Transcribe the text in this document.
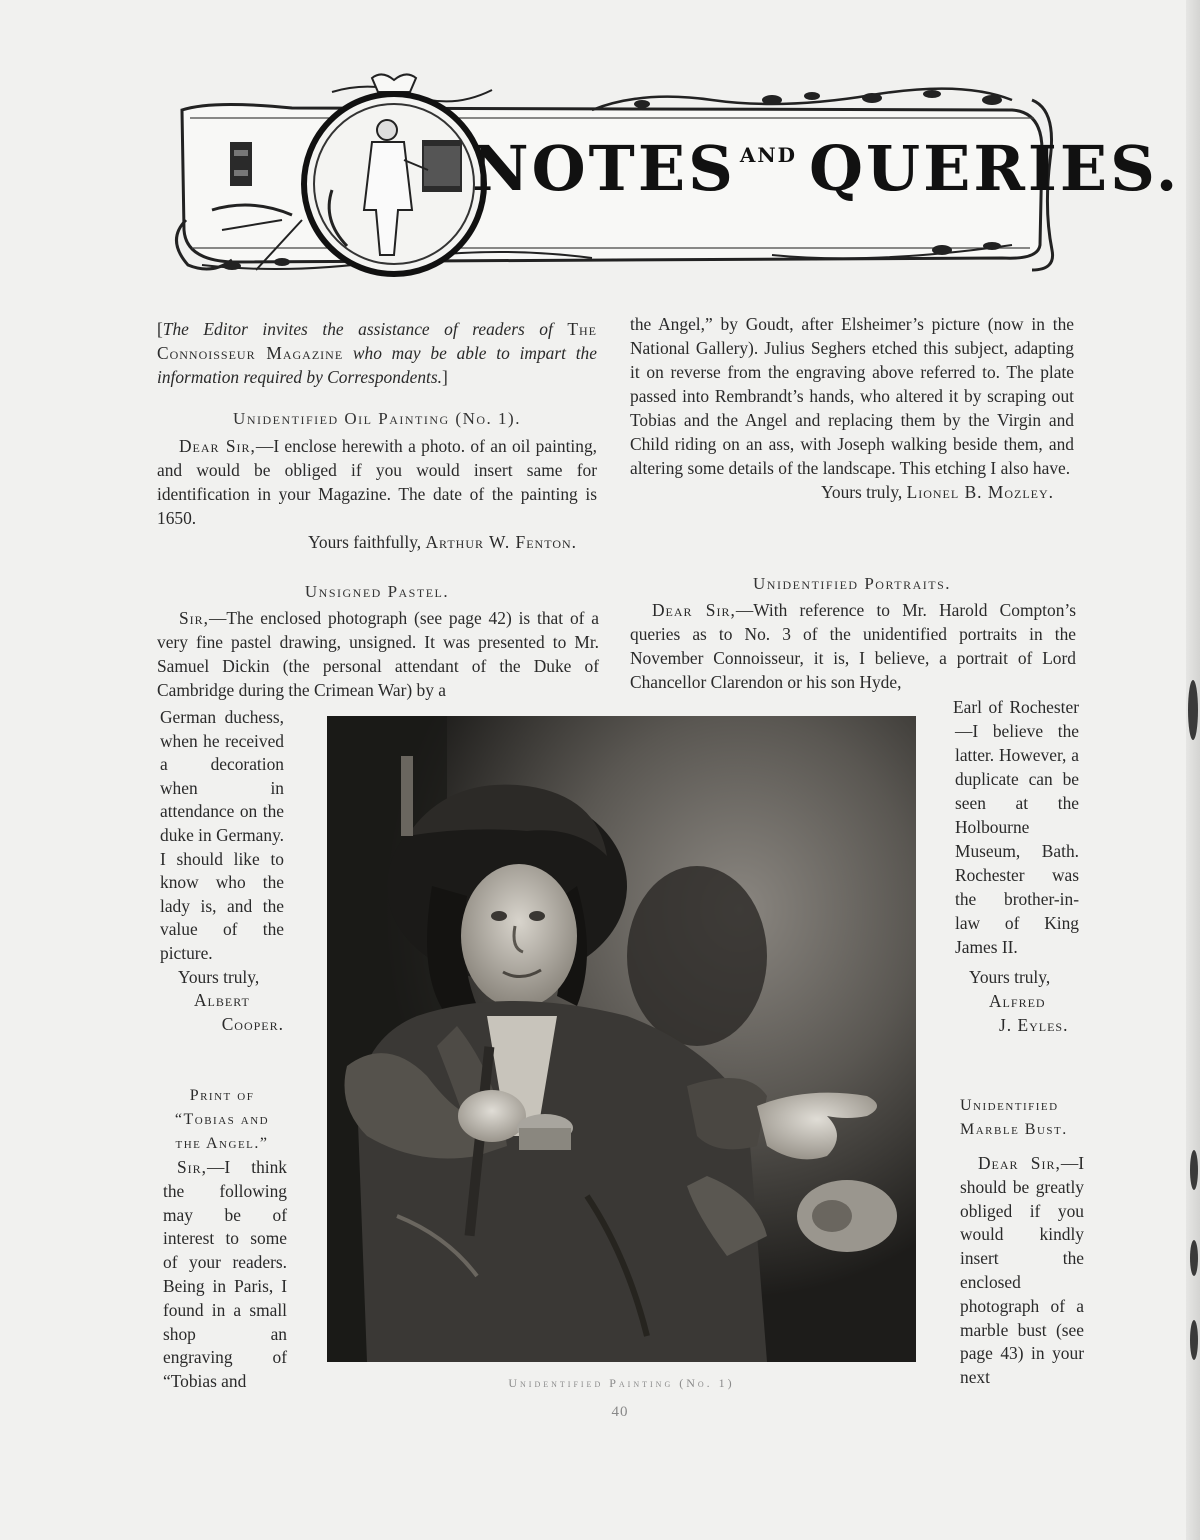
NOTES $^{AND}$ QUERIES.

[The Editor invites the assistance of readers of The Connoisseur Magazine who may be able to impart the information required by Correspondents.]

Unidentified Oil Painting (No. 1).

Dear Sir,—I enclose herewith a photo. of an oil painting, and would be obliged if you would insert same for identification in your Magazine. The date of the painting is 1650.

Yours faithfully, Arthur W. Fenton.

Unsigned Pastel.

Sir,—The enclosed photograph (see page 42) is that of a very fine pastel drawing, unsigned. It was presented to Mr. Samuel Dickin (the personal attendant of the Duke of Cambridge during the Crimean War) by a

German duchess, when he received a decoration when in attendance on the duke in Germany. I should like to know who the lady is, and the value of the picture.

Yours truly,

Albert

Cooper.

Print of

“Tobias and

the Angel.”

Sir,—I think the following may be of interest to some of your readers. Being in Paris, I found in a small shop an engraving of “Tobias and

the Angel,” by Goudt, after Elsheimer’s picture (now in the National Gallery). Julius Seghers etched this subject, adapting it on reverse from the engraving above referred to. The plate passed into Rembrandt’s hands, who altered it by scraping out Tobias and the Angel and replacing them by the Virgin and Child riding on an ass, with Joseph walking beside them, and altering some details of the landscape. This etching I also have.

Yours truly, Lionel B. Mozley.

Unidentified Portraits.

Dear Sir,—With reference to Mr. Harold Compton’s queries as to No. 3 of the unidentified portraits in the November Connoisseur, it is, I believe, a portrait of Lord Chancellor Clarendon or his son Hyde,

Earl of Rochester—I believe the latter. However, a duplicate can be seen at the Holbourne Museum, Bath. Rochester was the brother-in-law of King James II.

Yours truly,

Alfred

J. Eyles.

Unidentified

Marble Bust.

Dear Sir,—I should be greatly obliged if you would kindly insert the enclosed photograph of a marble bust (see page 43) in your next

Unidentified Painting (No. 1)
40
